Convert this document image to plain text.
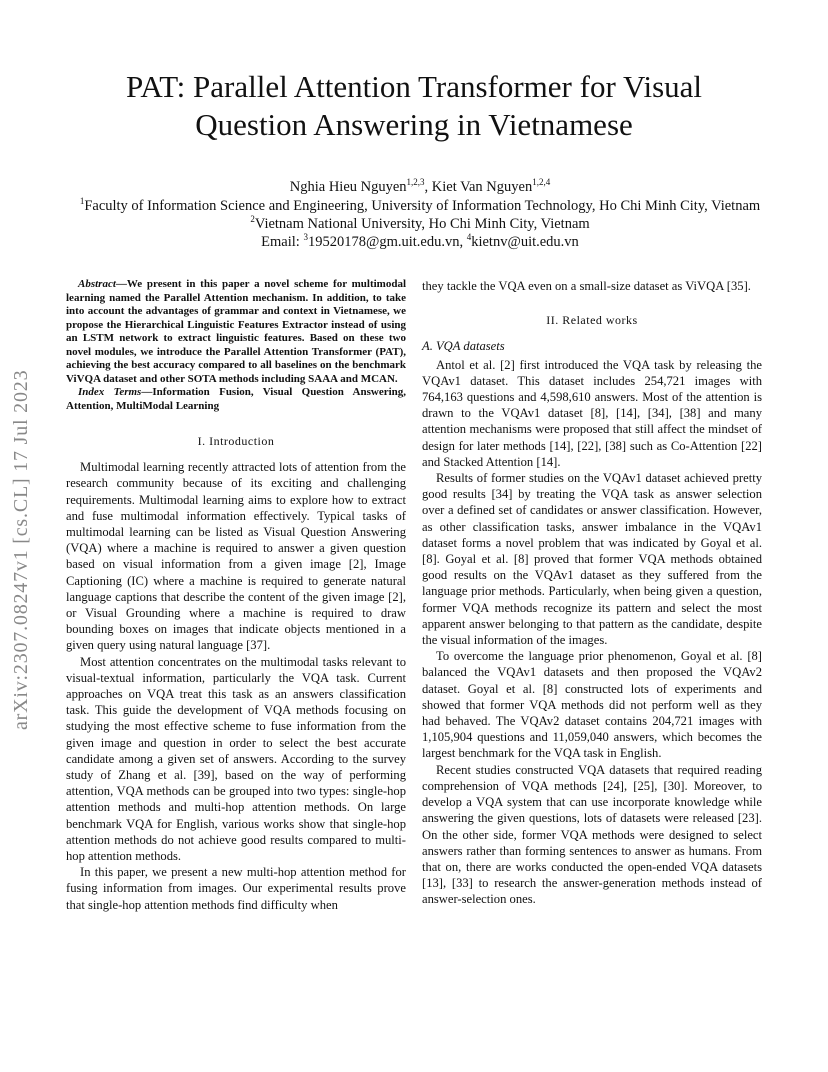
arXiv:2307.08247v1 [cs.CL] 17 Jul 2023
PAT: Parallel Attention Transformer for Visual Question Answering in Vietnamese
Nghia Hieu Nguyen$^{1,2,3}$, Kiet Van Nguyen$^{1,2,4}$
$^1$Faculty of Information Science and Engineering, University of Information Technology, Ho Chi Minh City, Vietnam
$^2$Vietnam National University, Ho Chi Minh City, Vietnam
Email: $^3$19520178@gm.uit.edu.vn, $^4$kietnv@uit.edu.vn

Abstract—We present in this paper a novel scheme for multimodal learning named the Parallel Attention mechanism. In addition, to take into account the advantages of grammar and context in Vietnamese, we propose the Hierarchical Linguistic Features Extractor instead of using an LSTM network to extract linguistic features. Based on these two novel modules, we introduce the Parallel Attention Transformer (PAT), achieving the best accuracy compared to all baselines on the benchmark ViVQA dataset and other SOTA methods including SAAA and MCAN.

Index Terms—Information Fusion, Visual Question Answering, Attention, MultiModal Learning

I. Introduction

Multimodal learning recently attracted lots of attention from the research community because of its exciting and challenging requirements. Multimodal learning aims to explore how to extract and fuse multimodal information effectively. Typical tasks of multimodal learning can be listed as Visual Question Answering (VQA) where a machine is required to answer a given question based on visual information from a given image [2], Image Captioning (IC) where a machine is required to generate natural language captions that describe the content of the given image [2], or Visual Grounding where a machine is required to draw bounding boxes on images that indicate objects mentioned in a given query using natural language [37].

Most attention concentrates on the multimodal tasks relevant to visual-textual information, particularly the VQA task. Current approaches on VQA treat this task as an answers classification task. This guide the development of VQA methods focusing on studying the most effective scheme to fuse information from the given image and question in order to select the best accurate candidate among a given set of answers. According to the survey study of Zhang et al. [39], based on the way of performing attention, VQA methods can be grouped into two types: single-hop attention methods and multi-hop attention methods. On large benchmark VQA for English, various works show that single-hop attention methods do not achieve good results compared to multi-hop attention methods.

In this paper, we present a new multi-hop attention method for fusing information from images. Our experimental results prove that single-hop attention methods find difficulty when

they tackle the VQA even on a small-size dataset as ViVQA [35].

II. Related works
A. VQA datasets

Antol et al. [2] first introduced the VQA task by releasing the VQAv1 dataset. This dataset includes 254,721 images with 764,163 questions and 4,598,610 answers. Most of the attention is drawn to the VQAv1 dataset [8], [14], [34], [38] and many attention mechanisms were proposed that still affect the mindset of design for later methods [14], [22], [38] such as Co-Attention [22] and Stacked Attention [14].

Results of former studies on the VQAv1 dataset achieved pretty good results [34] by treating the VQA task as answer selection over a defined set of candidates or answer classification. However, as other classification tasks, answer imbalance in the VQAv1 dataset forms a novel problem that was indicated by Goyal et al. [8]. Goyal et al. [8] proved that former VQA methods obtained good results on the VQAv1 dataset as they suffered from the language prior methods. Particularly, when being given a question, former VQA methods recognize its pattern and select the most apparent answer belonging to that pattern as the candidate, despite the visual information of the images.

To overcome the language prior phenomenon, Goyal et al. [8] balanced the VQAv1 datasets and then proposed the VQAv2 dataset. Goyal et al. [8] constructed lots of experiments and showed that former VQA methods did not perform well as they had behaved. The VQAv2 dataset contains 204,721 images with 1,105,904 questions and 11,059,040 answers, which becomes the largest benchmark for the VQA task in English.

Recent studies constructed VQA datasets that required reading comprehension of VQA methods [24], [25], [30]. Moreover, to develop a VQA system that can use incorporate knowledge while answering the given questions, lots of datasets were released [23]. On the other side, former VQA methods were designed to select answers rather than forming sentences to answer as humans. From that on, there are works conducted the open-ended VQA datasets [13], [33] to research the answer-generation methods instead of answer-selection ones.
